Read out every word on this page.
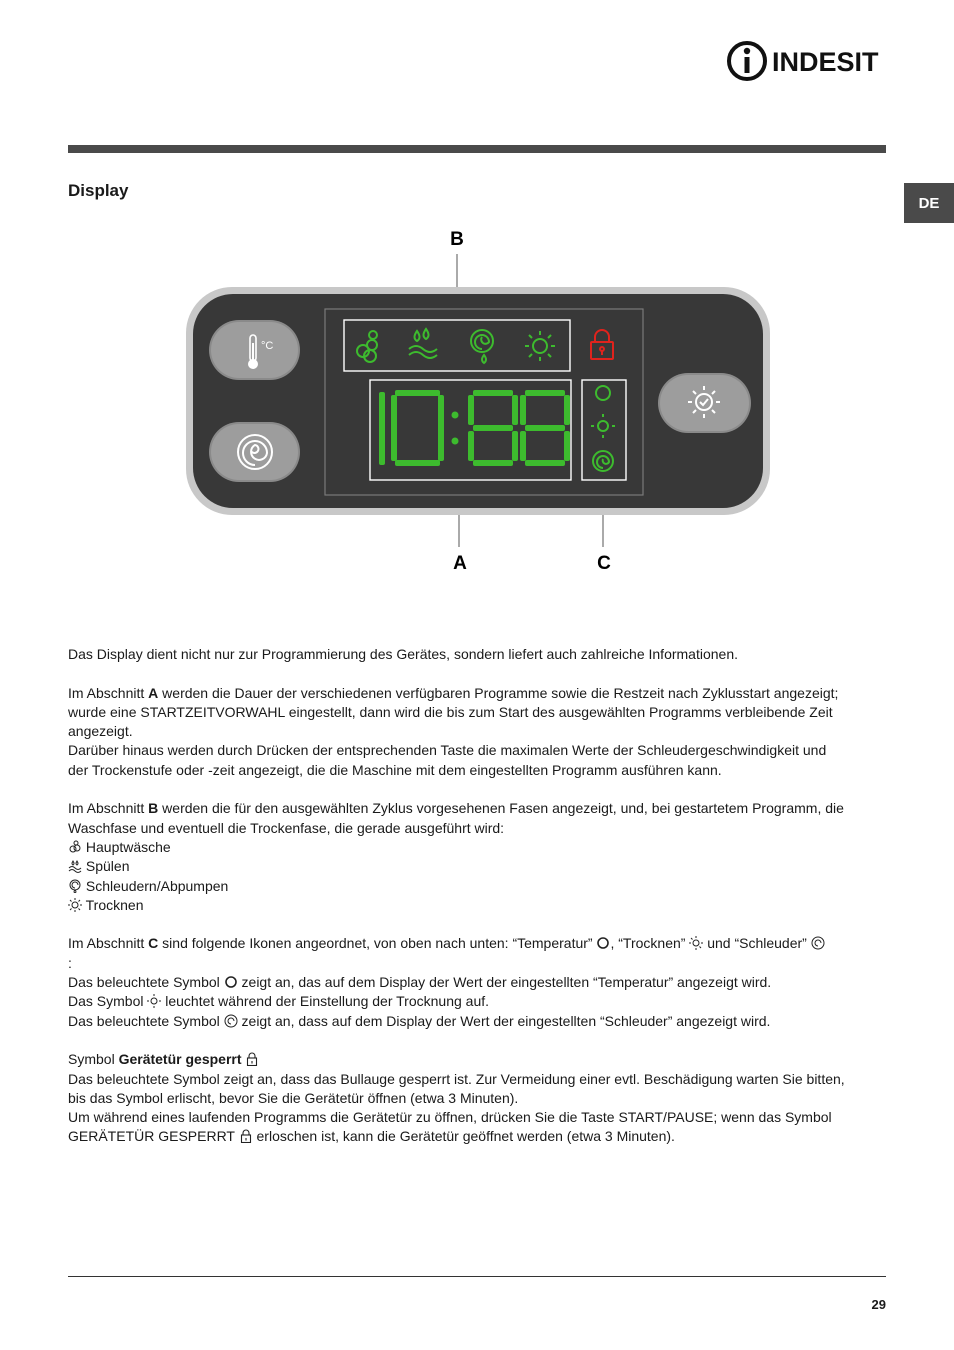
INDESIT
DE
Display
B
A	C
°C

Das Display dient nicht nur zur Programmierung des Gerätes, sondern liefert auch zahlreiche Informationen.

Im Abschnitt A werden die Dauer der verschiedenen verfügbaren Programme sowie die Restzeit nach Zyklusstart angezeigt;

wurde eine STARTZEITVORWAHL eingestellt, dann wird die bis zum Start des ausgewählten Programms verbleibende Zeit

angezeigt.

Darüber hinaus werden durch Drücken der entsprechenden Taste die maximalen Werte der Schleudergeschwindigkeit und

der Trockenstufe oder -zeit angezeigt, die die Maschine mit dem eingestellten Programm ausführen kann.

Im Abschnitt B werden die für den ausgewählten Zyklus vorgesehenen Fasen angezeigt, und, bei gestartetem Programm, die

Waschfase und eventuell die Trockenfase, die gerade ausgeführt wird:

Hauptwäsche

Spülen

Schleudern/Abpumpen

Trocknen

Im Abschnitt C sind folgende Ikonen angeordnet, von oben nach unten: “Temperatur” , “Trocknen”  und “Schleuder”

:

Das beleuchtete Symbol  zeigt an, das auf dem Display der Wert der eingestellten “Temperatur” angezeigt wird.

Das Symbol  leuchtet während der Einstellung der Trocknung auf.

Das beleuchtete Symbol  zeigt an, dass auf dem Display der Wert der eingestellten “Schleuder” angezeigt wird.

Symbol Gerätetür gesperrt

Das beleuchtete Symbol zeigt an, dass das Bullauge gesperrt ist. Zur Vermeidung einer evtl. Beschädigung warten Sie bitten,

bis das Symbol erlischt, bevor Sie die Gerätetür öffnen (etwa 3 Minuten).

Um während eines laufenden Programms die Gerätetür zu öffnen, drücken Sie die Taste START/PAUSE; wenn das Symbol

GERÄTETÜR GESPERRT  erloschen ist, kann die Gerätetür geöffnet werden (etwa 3 Minuten).

29
